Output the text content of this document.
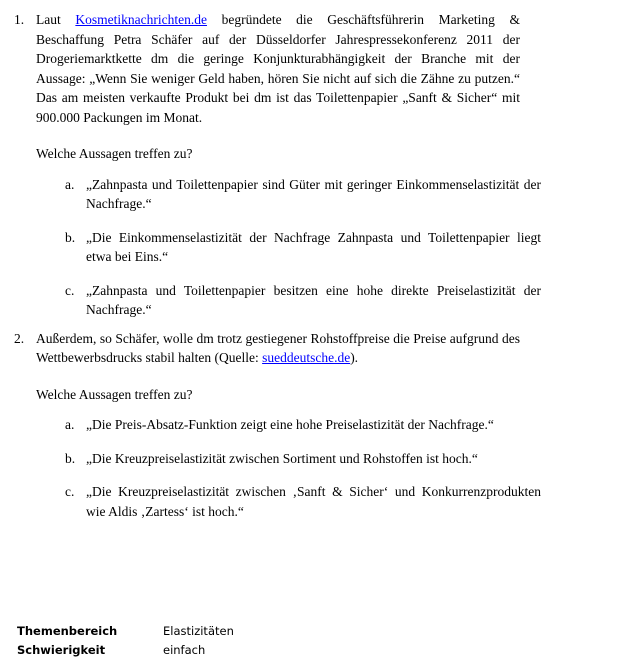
1. Laut Kosmetiknachrichten.de begründete die Geschäftsführerin Marketing & Beschaffung Petra Schäfer auf der Düsseldorfer Jahrespressekonferenz 2011 der Drogeriemarktkette dm die geringe Konjunkturabhängigkeit der Branche mit der Aussage: „Wenn Sie weniger Geld haben, hören Sie nicht auf sich die Zähne zu putzen.“ Das am meisten verkaufte Produkt bei dm ist das Toilettenpapier „Sanft & Sicher“ mit 900.000 Packungen im Monat.
Welche Aussagen treffen zu?
a. „Zahnpasta und Toilettenpapier sind Güter mit geringer Einkommenselastizität der Nachfrage.“
b. „Die Einkommenselastizität der Nachfrage Zahnpasta und Toilettenpapier liegt etwa bei Eins.“
c. „Zahnpasta und Toilettenpapier besitzen eine hohe direkte Preiselastizität der Nachfrage.“
2. Außerdem, so Schäfer, wolle dm trotz gestiegener Rohstoffpreise die Preise aufgrund des Wettbewerbsdrucks stabil halten (Quelle: sueddeutsche.de).
Welche Aussagen treffen zu?
a. „Die Preis-Absatz-Funktion zeigt eine hohe Preiselastizität der Nachfrage.“
b. „Die Kreuzpreiselastizität zwischen Sortiment und Rohstoffen ist hoch.“
c. „Die Kreuzpreiselastizität zwischen ‚Sanft & Sicher‘ und Konkurrenzprodukten wie Aldis ‚Zartess‘ ist hoch.“
Themenbereich	Elastizitäten
Schwierigkeit	einfach
